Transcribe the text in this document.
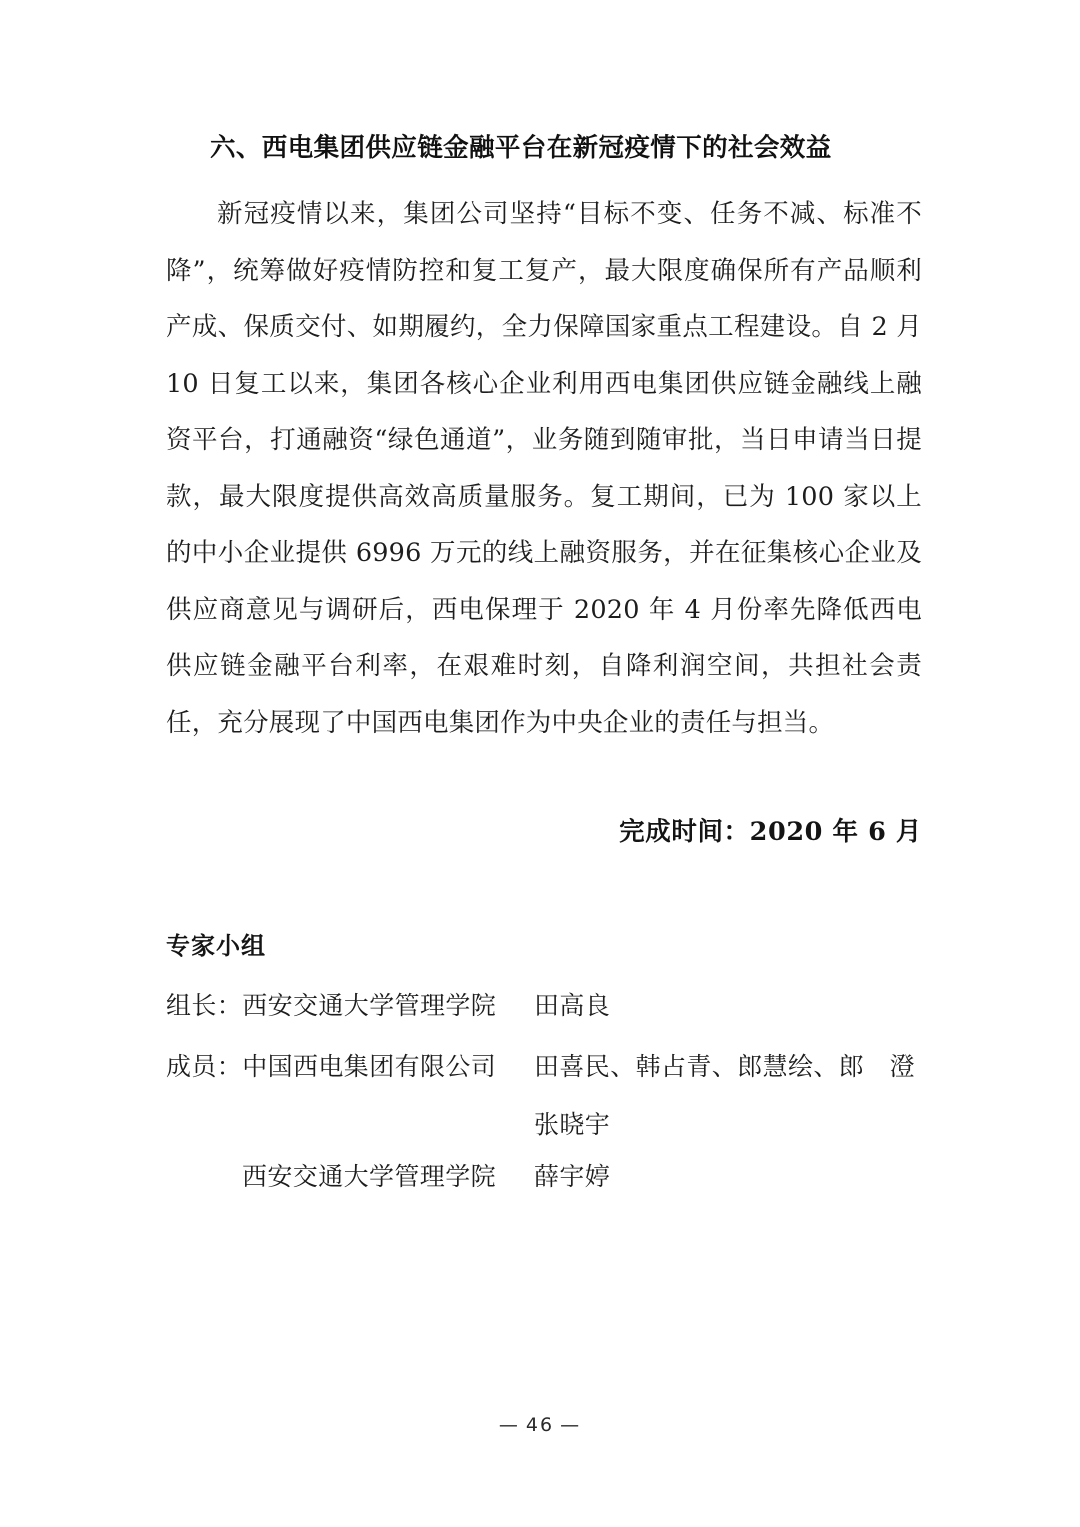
六、西电集团供应链金融平台在新冠疫情下的社会效益
新冠疫情以来，集团公司坚持“目标不变、任务不减、标准不降”，统筹做好疫情防控和复工复产，最大限度确保所有产品顺利产成、保质交付、如期履约，全力保障国家重点工程建设。自 2 月 10 日复工以来，集团各核心企业利用西电集团供应链金融线上融资平台，打通融资“绿色通道”，业务随到随审批，当日申请当日提款，最大限度提供高效高质量服务。复工期间，已为 100 家以上的中小企业提供 6996 万元的线上融资服务，并在征集核心企业及供应商意见与调研后，西电保理于 2020 年 4 月份率先降低西电供应链金融平台利率，在艰难时刻，自降利润空间，共担社会责任，充分展现了中国西电集团作为中央企业的责任与担当。
完成时间：2020 年 6 月
专家小组
组长：西安交通大学管理学院 田高良
成员：中国西电集团有限公司 田喜民、韩占青、郎慧绘、郎　澄
张晓宇
西安交通大学管理学院 薛宇婷
— 46 —
